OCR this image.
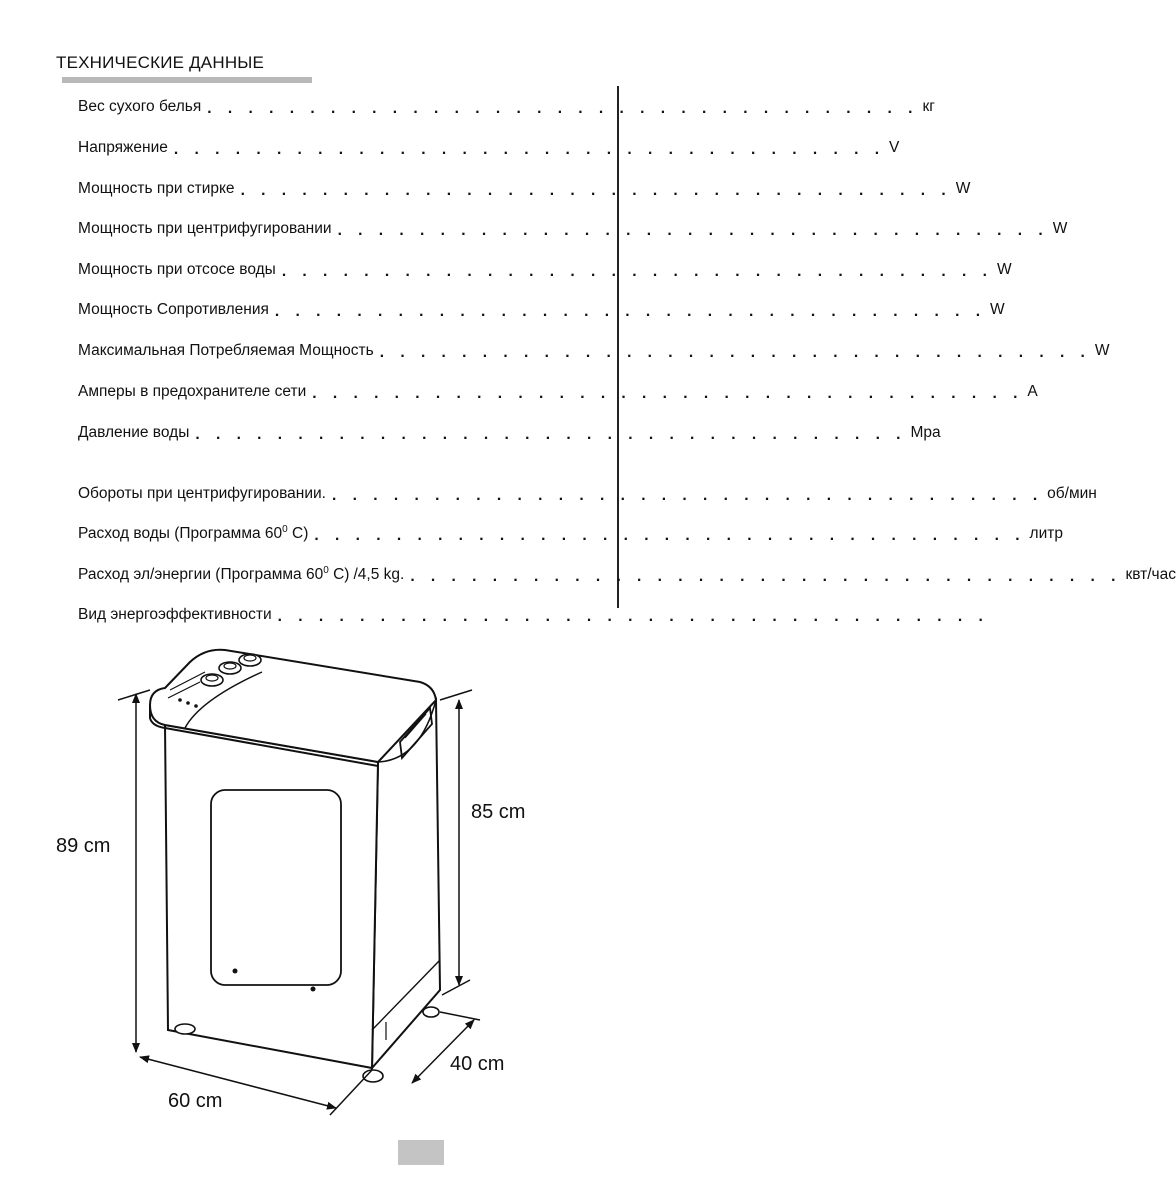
ТЕХНИЧЕСКИЕ ДАННЫЕ
Вес сухого белья . . . . . . . . . . . . . . . . . . . . . . . . . . . . . . . . . . . кг
Напряжение . . . . . . . . . . . . . . . . . . . . . . . . . . . . . . . . . . . V
Мощность при стирке . . . . . . . . . . . . . . . . . . . . . . . . . . . . . . . . . . . W
Мощность при центрифугировании . . . . . . . . . . . . . . . . . . . . . . . . . . . . . . . . . . . W
Мощность при отсосе воды . . . . . . . . . . . . . . . . . . . . . . . . . . . . . . . . . . . W
Мощность Сопротивления . . . . . . . . . . . . . . . . . . . . . . . . . . . . . . . . . . . W
Максимальная Потребляемая Мощность . . . . . . . . . . . . . . . . . . . . . . . . . . . . . . . . . . . W
Амперы в предохранителе сети . . . . . . . . . . . . . . . . . . . . . . . . . . . . . . . . . . . A
Давление воды . . . . . . . . . . . . . . . . . . . . . . . . . . . . . . . . . . . Мра
Обороты при центрифугировании. . . . . . . . . . . . . . . . . . . . . . . . . . . . . . . . . . . . об/мин
Расход воды (Программа $60^0$ С) . . . . . . . . . . . . . . . . . . . . . . . . . . . . . . . . . . . литр
Расход эл/энергии (Программа $60^0$ С) /4,5 kg. . . . . . . . . . . . . . . . . . . . . . . . . . . . . . . . . . . . квт/час
Вид энергоэффективности . . . . . . . . . . . . . . . . . . . . . . . . . . . . . . . . . . .
89 cm
85 cm
60 cm
40 cm
